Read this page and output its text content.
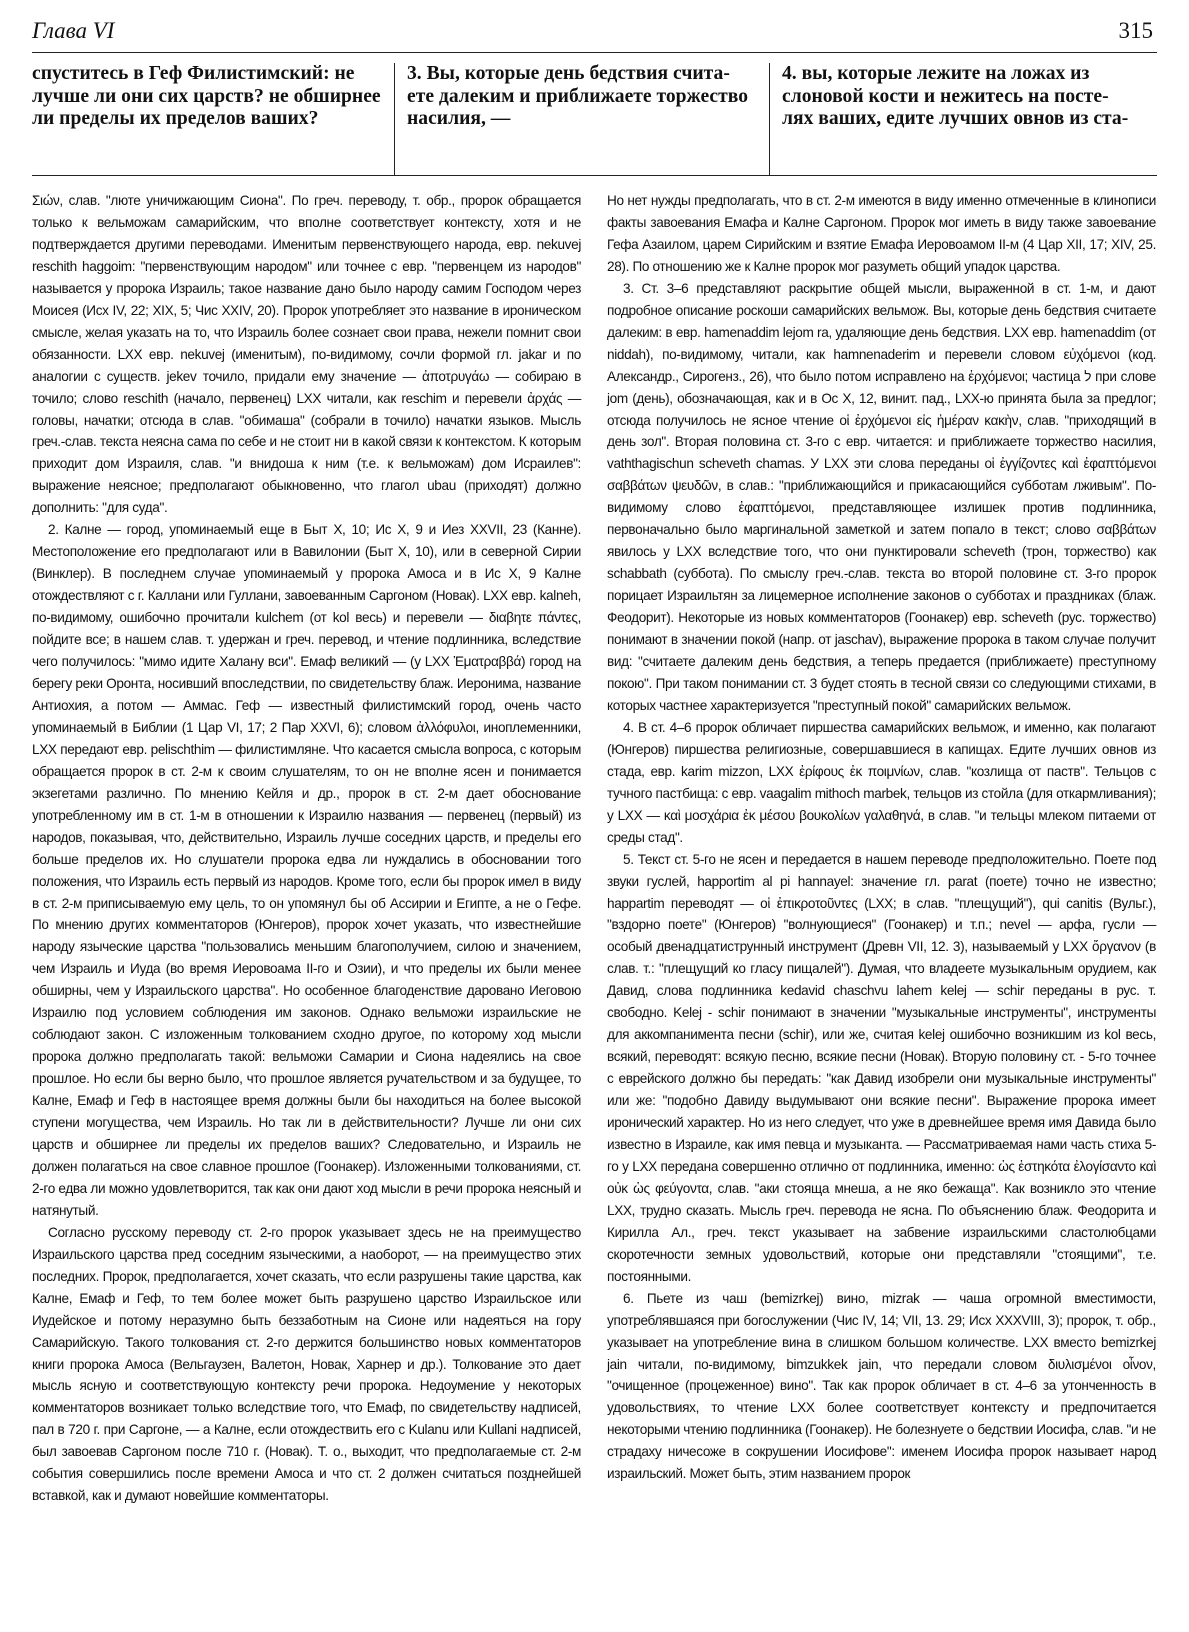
Глава VI	315
спуститесь в Геф Филистимский: не
лучше ли они сих царств? не обширнее
ли пределы их пределов ваших?
3. Вы, которые день бедствия счита-
ете далеким и приближаете торжество
насилия, —
4. вы, которые лежите на ложах из
слоновой кости и нежитесь на посте-
лях ваших, едите лучших овнов из ста-

Σιών, слав. "люте уничижающим Сиона". По греч. переводу, т. обр., пророк обращается только к вельможам самарийским, что вполне соответствует контексту, хотя и не подтверждается другими переводами. Именитым первенствующего народа, евр. nekuvej reschith haggoim: "первенствующим народом" или точнее с евр. "первенцем из народов" называется у пророка Израиль; такое название дано было народу самим Господом через Моисея (Исх IV, 22; XIX, 5; Чис XXIV, 20). Пророк употребляет это название в ироническом смысле, желая указать на то, что Израиль более сознает свои права, нежели помнит свои обязанности. LXX евр. nekuvej (именитым), по-видимому, сочли формой гл. jakar и по аналогии с существ. jekev точило, придали ему значение — ἀποτρυγάω — собираю в точило; слово reschith (начало, первенец) LXX читали, как reschim и перевели ἀρχάς — головы, начатки; отсюда в слав. "обимаша" (собрали в точило) начатки языков. Мысль греч.-слав. текста неясна сама по себе и не стоит ни в какой связи к контекстом. К которым приходит дом Израиля, слав. "и внидоша к ним (т.е. к вельможам) дом Исраилев": выражение неясное; предполагают обыкновенно, что глагол ubau (приходят) должно дополнить: "для суда".

2. Калне — город, упоминаемый еще в Быт X, 10; Ис X, 9 и Иез XXVII, 23 (Канне). Местоположение его предполагают или в Вавилонии (Быт X, 10), или в северной Сирии (Винклер). В последнем случае упоминаемый у пророка Амоса и в Ис X, 9 Калне отождествляют с г. Каллани или Гуллани, завоеванным Саргоном (Новак). LXX евр. kalneh, по-видимому, ошибочно прочитали kulchem (от kol весь) и перевели — διαβητε πάντες, пойдите все; в нашем слав. т. удержан и греч. перевод, и чтение подлинника, вследствие чего получилось: "мимо идите Халану вси". Емаф великий — (у LXX Ἐματραββά) город на берегу реки Оронта, носивший впоследствии, по свидетельству блаж. Иеронима, название Антиохия, а потом — Аммас. Геф — известный филистимский город, очень часто упоминаемый в Библии (1 Цар VI, 17; 2 Пар XXVI, 6); словом ἀλλόφυλοι, иноплеменники, LXX передают евр. pelischthim — филистимляне. Что касается смысла вопроса, с которым обращается пророк в ст. 2-м к своим слушателям, то он не вполне ясен и понимается экзегетами различно. По мнению Кейля и др., пророк в ст. 2-м дает обоснование употребленному им в ст. 1-м в отношении к Израилю названия — первенец (первый) из народов, показывая, что, действительно, Израиль лучше соседних царств, и пределы его больше пределов их. Но слушатели пророка едва ли нуждались в обосновании того положения, что Израиль есть первый из народов. Кроме того, если бы пророк имел в виду в ст. 2-м приписываемую ему цель, то он упомянул бы об Ассирии и Египте, а не о Гефе. По мнению других комментаторов (Юнгеров), пророк хочет указать, что известнейшие народу языческие царства "пользовались меньшим благополучием, силою и значением, чем Израиль и Иуда (во время Иеровоама II-го и Озии), и что пределы их были менее обширны, чем у Израильского царства". Но особенное благоденствие даровано Иеговою Израилю под условием соблюдения им законов. Однако вельможи израильские не соблюдают закон. С изложенным толкованием сходно другое, по которому ход мысли пророка должно предполагать такой: вельможи Самарии и Сиона надеялись на свое прошлое. Но если бы верно было, что прошлое является ручательством и за будущее, то Калне, Емаф и Геф в настоящее время должны были бы находиться на более высокой ступени могущества, чем Израиль. Но так ли в действительности? Лучше ли они сих царств и обширнее ли пределы их пределов ваших? Следовательно, и Израиль не должен полагаться на свое славное прошлое (Гоонакер). Изложенными толкованиями, ст. 2-го едва ли можно удовлетворится, так как они дают ход мысли в речи пророка неясный и натянутый.

Согласно русскому переводу ст. 2-го пророк указывает здесь не на преимущество Израильского царства пред соседним языческими, а наоборот, — на преимущество этих последних. Пророк, предполагается, хочет сказать, что если разрушены такие царства, как Калне, Емаф и Геф, то тем более может быть разрушено царство Израильское или Иудейское и потому неразумно быть беззаботным на Сионе или надеяться на гору Самарийскую. Такого толкования ст. 2-го держится большинство новых комментаторов книги пророка Амоса (Вельгаузен, Валетон, Новак, Харнер и др.). Толкование это дает мысль ясную и соответствующую контексту речи пророка. Недоумение у некоторых комментаторов возникает только вследствие того, что Емаф, по свидетельству надписей, пал в 720 г. при Саргоне, — а Калне, если отождествить его с Kulanu или Kullani надписей, был завоевав Саргоном после 710 г. (Новак). Т. о., выходит, что предполагаемые ст. 2-м события совершились после времени Амоса и что ст. 2 должен считаться позднейшей вставкой, как и думают новейшие комментаторы.

Но нет нужды предполагать, что в ст. 2-м имеются в виду именно отмеченные в клинописи факты завоевания Емафа и Калне Саргоном. Пророк мог иметь в виду также завоевание Гефа Азаилом, царем Сирийским и взятие Емафа Иеровоамом II-м (4 Цар XII, 17; XIV, 25. 28). По отношению же к Калне пророк мог разуметь общий упадок царства.

3. Ст. 3–6 представляют раскрытие общей мысли, выраженной в ст. 1-м, и дают подробное описание роскоши самарийских вельмож. Вы, которые день бедствия считаете далеким: в евр. hamenaddim lejom ra, удаляющие день бедствия. LXX евр. hamenaddim (от niddah), по-видимому, читали, как hamnenaderim и перевели словом εὐχόμενοι (код. Александр., Сирогенз., 26), что было потом исправлено на ἐρχόμενοι; частица ל при слове jom (день), обозначающая, как и в Ос X, 12, винит. пад., LXX-ю принята была за предлог; отсюда получилось не ясное чтение οἱ ἐρχόμενοι εἰς ἡμέραν κακὴν, слав. "приходящий в день зол". Вторая половина ст. 3-го с евр. читается: и приближаете торжество насилия, vaththagischun scheveth chamas. У LXX эти слова переданы οἱ ἐγγίζοντες καὶ ἐφαπτόμενοι σαββάτων ψευδῶν, в слав.: "приближающийся и прикасающийся субботам лживым". По-видимому слово ἐφαπτόμενοι, представляющее излишек против подлинника, первоначально было маргинальной заметкой и затем попало в текст; слово σαββάτων явилось у LXX вследствие того, что они пунктировали scheveth (трон, торжество) как schabbath (суббота). По смыслу греч.-слав. текста во второй половине ст. 3-го пророк порицает Израильтян за лицемерное исполнение законов о субботах и праздниках (блаж. Феодорит). Некоторые из новых комментаторов (Гоонакер) евр. scheveth (рус. торжество) понимают в значении покой (напр. от jaschav), выражение пророка в таком случае получит вид: "считаете далеким день бедствия, а теперь предается (приближаете) преступному покою". При таком понимании ст. 3 будет стоять в тесной связи со следующими стихами, в которых частнее характеризуется "преступный покой" самарийских вельмож.

4. В ст. 4–6 пророк обличает пиршества самарийских вельмож, и именно, как полагают (Юнгеров) пиршества религиозные, совершавшиеся в капищах. Едите лучших овнов из стада, евр. karim mizzon, LXX ἐρίφους ἐκ ποιμνίων, слав. "козлища от паств". Тельцов с тучного пастбища: с евр. vaagalim mithoch marbek, тельцов из стойла (для откармливания); у LXX — καὶ μοσχάρια ἐκ μέσου βουκολίων γαλαθηνά, в слав. "и тельцы млеком питаеми от среды стад".

5. Текст ст. 5-го не ясен и передается в нашем переводе предположительно. Поете под звуки гуслей, happortim al pi hannayel: значение гл. parat (поете) точно не известно; happartim переводят — οἱ ἐπικροτοῦντες (LXX; в слав. "плещущий"), qui canitis (Вульг.), "вздорно поете" (Юнгеров) "волнующиеся" (Гоонакер) и т.п.; nevel — арфа, гусли — особый двенадцатиструнный инструмент (Древн VII, 12. 3), называемый у LXX ὄργανον (в слав. т.: "плещущий ко гласу пищалей"). Думая, что владеете музыкальным орудием, как Давид, слова подлинника kedavid chaschvu lahem kelej — schir переданы в рус. т. свободно. Kelej - schir понимают в значении "музыкальные инструменты", инструменты для аккомпанимента песни (schir), или же, считая kelej ошибочно возникшим из kol весь, всякий, переводят: всякую песню, всякие песни (Новак). Вторую половину ст. - 5-го точнее с еврейского должно бы передать: "как Давид изобрели они музыкальные инструменты" или же: "подобно Давиду выдумывают они всякие песни". Выражение пророка имеет иронический характер. Но из него следует, что уже в древнейшее время имя Давида было известно в Израиле, как имя певца и музыканта. — Рассматриваемая нами часть стиха 5-го у LXX передана совершенно отлично от подлинника, именно: ὡς ἑστηκότα ἐλογίσαντο καὶ οὐκ ὡς φεύγοντα, слав. "аки стояща мнеша, а не яко бежаща". Как возникло это чтение LXX, трудно сказать. Мысль греч. перевода не ясна. По объяснению блаж. Феодорита и Кирилла Ал., греч. текст указывает на забвение израильскими сластолюбцами скоротечности земных удовольствий, которые они представляли "стоящими", т.е. постоянными.

6. Пьете из чаш (bemizrkej) вино, mizrak — чаша огромной вместимости, употреблявшаяся при богослужении (Чис IV, 14; VII, 13. 29; Исх XXXVIII, 3); пророк, т. обр., указывает на употребление вина в слишком большом количестве. LXX вместо bemizrkej jain читали, по-видимому, bimzukkek jain, что передали словом διυλισμένοι οἶνον, "очищенное (процеженное) вино". Так как пророк обличает в ст. 4–6 за утонченность в удовольствиях, то чтение LXX более соответствует контексту и предпочитается некоторыми чтению подлинника (Гоонакер). Не болезнуете о бедствии Иосифа, слав. "и не страдаху ничесоже в сокрушении Иосифове": именем Иосифа пророк называет народ израильский. Может быть, этим названием пророк
